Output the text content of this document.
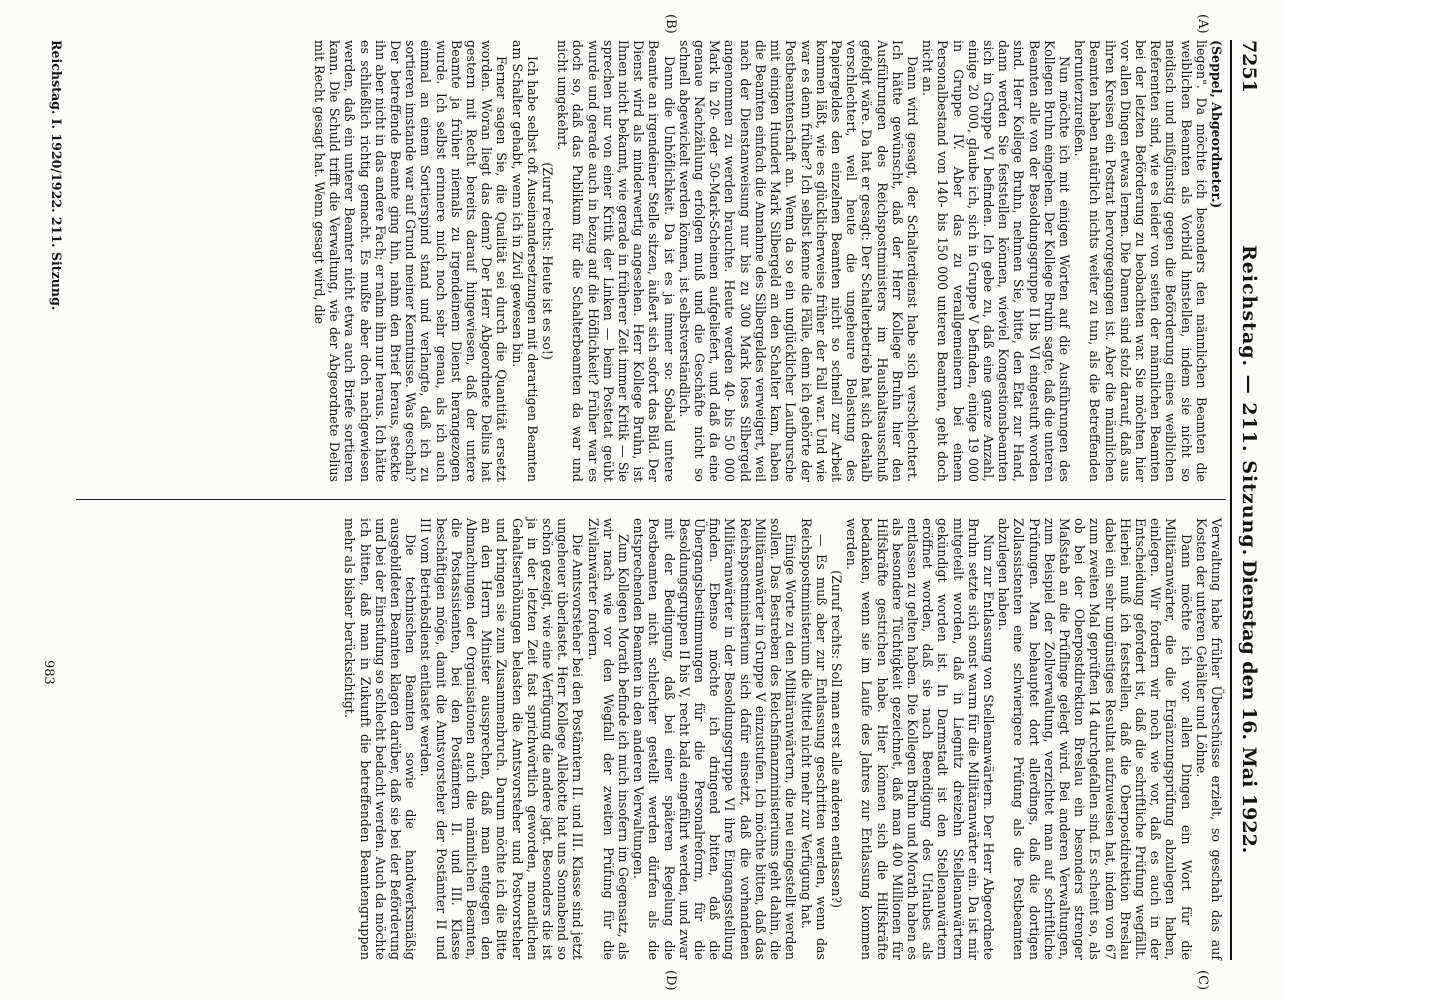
7251
Reichstag. — 211. Sitzung.
Dienstag den 16. Mai 1922.
(A)
(B)

(Seppel, Abgeordneter.)

liegen". Da möchte ich besonders den männlichen Beamten die weiblichen Beamten als Vorbild hinstellen, indem sie nicht so neidisch und mißgünstig gegen die Beförderung eines weiblichen Referenten sind, wie es leider von seiten der männlichen Beamten bei der letzten Beförderung zu beobachten war. Sie möchten hier vor allen Dingen etwas lernen. Die Damen sind stolz darauf, daß aus ihren Kreisen ein Postrat hervorgegangen ist. Aber die männlichen Beamten haben natürlich nichts weiter zu tun, als die Betreffenden herunterzureißen.

Nun möchte ich mit einigen Worten auf die Ausführungen des Kollegen Bruhn eingehen. Der Kollege Bruhn sagte, daß die unteren Beamten alle von der Besoldungsgruppe II bis VI eingestuft worden sind. Herr Kollege Bruhn, nehmen Sie, bitte, den Etat zur Hand, dann werden Sie feststellen können, wieviel Kongestionsbeamten sich in Gruppe VI befinden. Ich gebe zu, daß eine ganze Anzahl, einige 20 000, glaube ich, sich in Gruppe V befinden, einige 19 000 in Gruppe IV. Aber das zu verallgemeinern bei einem Personalbestand von 140- bis 150 000 unteren Beamten, geht doch nicht an.

Dann wird gesagt, der Schalterdienst habe sich verschlechtert. Ich hätte gewünscht, daß der Herr Kollege Bruhn hier den Ausführungen des Reichspostministers im Haushaltsausschuß gefolgt wäre. Da hat er gesagt: Der Schalterbetrieb hat sich deshalb verschlechtert, weil heute die ungeheure Belastung des Papiergeldes den einzelnen Beamten nicht so schnell zur Arbeit kommen läßt, wie es glücklicherweise früher der Fall war. Und wie war es denn früher? Ich selbst kenne die Fälle, denn ich gehörte der Postbeamtenschaft an. Wenn da so ein unglücklicher Laufbursche mit einigen Hundert Mark Silbergeld an den Schalter kam, haben die Beamten einfach die Annahme des Silbergeldes verweigert, weil nach der Dienstanweisung nur bis zu 300 Mark loses Silbergeld angenommen zu werden brauchte. Heute werden 40- bis 50 000 Mark in 20- oder 50-Mark-Scheinen aufgeliefert, und daß da eine genaue Nachzählung erfolgen muß und die Geschäfte nicht so schnell abgewickelt werden können, ist selbstverständlich.

Dann die Unhöflichkeit. Da ist es ja immer so: Sobald untere Beamte an irgendeiner Stelle sitzen, äußert sich sofort das Bild. Der Dienst wird als minderwertig angesehen. Herr Kollege Bruhn, ist Ihnen nicht bekannt, wie gerade in früherer Zeit immer Kritik — Sie sprechen nur von einer Kritik der Linken — beim Postetat geübt wurde und gerade auch in bezug auf die Höflichkeit? Früher war es doch so, daß das Publikum für die Schalterbeamten da war und nicht umgekehrt.

(Zuruf rechts: Heute ist es so!)

Ich habe selbst oft Auseinandersetzungen mit derartigen Beamten am Schalter gehabt, wenn ich in Zivil gewesen bin.

Ferner sagen Sie, die Qualität sei durch die Quantität ersetzt worden. Woran liegt das denn? Der Herr Abgeordnete Delius hat gestern mit Recht bereits darauf hingewiesen, daß der untere Beamte ja früher niemals zu irgendeinem Dienst herangezogen wurde. Ich selbst erinnere mich noch sehr genau, als ich auch einmal an einem Sortierspind stand und verlangte, daß ich zu sortieren imstande war auf Grund meiner Kenntnisse. Was geschah? Der betreffende Beamte ging hin, nahm den Brief heraus, steckte ihn aber nicht in das andere Fach; er nahm ihn nur heraus. Ich hätte es schließlich richtig gemacht. Es mußte aber doch nachgewiesen werden, daß ein unterer Beamter nicht etwa auch Briefe sortieren kann. Die Schuld trifft die Verwaltung, wie der Abgeordnete Delius mit Recht gesagt hat. Wenn gesagt wird, die

Verwaltung habe früher Überschüsse erzielt, so geschah das auf Kosten der unteren Gehälter und Löhne.

Dann möchte ich vor allen Dingen ein Wort für die Militäranwärter, die die Ergänzungsprüfung abzulegen haben, einlegen. Wir fordern wir noch wie vor, daß es auch in der Entscheidung gefordert ist, daß die schriftliche Prüfung wegfällt. Hierbei muß ich feststellen, daß die Oberpostdirektion Breslau dabei ein sehr ungünstiges Resultat aufzuweisen hat, indem von 67 zum zweiten Mal geprüften 14 durchgefallen sind. Es scheint so, als ob bei der Oberpostdirektion Breslau ein besonders strenger Maßstab an die Prüflinge gelegt wird. Bei anderen Verwaltungen, zum Beispiel der Zollverwaltung, verzichtet man auf schriftliche Prüfungen. Man behauptet dort allerdings, daß die dortigen Zollassistenten eine schwierigere Prüfung als die Postbeamten abzulegen haben.

Nun zur Entlassung von Stellenanwärtern. Der Herr Abgeordnete Bruhn setzte sich sonst warm für die Militäranwärter ein. Da ist mir mitgeteilt worden, daß in Liegnitz dreizehn Stellenanwärtern gekündigt worden ist. In Darmstadt ist den Stellenanwärtern eröffnet worden, daß sie nach Beendigung des Urlaubes als entlassen zu gelten haben. Die Kollegen Bruhn und Morath haben es als besondere Tüchtigkeit gezeichnet, daß man 400 Millionen für Hilfskräfte gestrichen habe. Hier können sich die Hilfskräfte bedanken, wenn sie im Laufe des Jahres zur Entlassung kommen werden.

(Zuruf rechts: Soll man erst alle anderen entlassen?)

— Es muß aber zur Entlassung geschritten werden, wenn das Reichspostministerium die Mittel nicht mehr zur Verfügung hat.

Einige Worte zu den Militäranwärtern, die neu eingestellt werden sollen. Das Bestreben des Reichsfinanzministeriums geht dahin, die Militäranwärter in Gruppe V einzustufen. Ich möchte bitten, daß das Reichspostministerium sich dafür einsetzt, daß die vorhandenen Militäranwärter in der Besoldungsgruppe VI ihre Eingangsstellung finden. Ebenso möchte ich dringend bitten, daß die Übergangsbestimmungen für die Personalreform, für die Besoldungsgruppen II bis V, recht bald eingeführt werden, und zwar mit der Bedingung, daß bei einer späteren Regelung die Postbeamten nicht schlechter gestellt werden dürfen als die entsprechenden Beamten in den anderen Verwaltungen.

Zum Kollegen Morath befinde ich mich insofern im Gegensatz, als wir nach wie vor den Wegfall der zweiten Prüfung für die Zivilanwärter fordern.

Die Amtsvorsteher bei den Postämtern II. und III. Klasse sind jetzt ungeheuer überlastet. Herr Kollege Allekotte hat uns Sonnabend so schön gezeigt, wie eine Verfügung die andere jagt. Besonders die ist ja in der letzten Zeit fast sprichwörtlich geworden, monatlichen Gehaltserhöhungen belasten die Amtsvorsteher und Postvorsteher und bringen sie zum Zusammenbruch. Darum möchte ich die Bitte an den Herrn Minister aussprechen, daß man entgegen den Abmachungen der Organisationen auch die männlichen Beamten, die Postassistenten, bei den Postämtern II. und III. Klasse beschäftigen möge, damit die Amtsvorsteher der Postämter II und III vom Betriebsdienst entlastet werden.

Die technischen Beamten sowie die handwerksmäßig ausgebildeten Beamten klagen darüber, daß sie bei der Beförderung und bei der Einstufung so schlecht bedacht werden. Auch da möchte ich bitten, daß man in Zukunft die betreffenden Beamtengruppen mehr als bisher berücksichtigt.

(C)
(D)
Reichstag. I. 1920/1922. 211. Sitzung.
983
